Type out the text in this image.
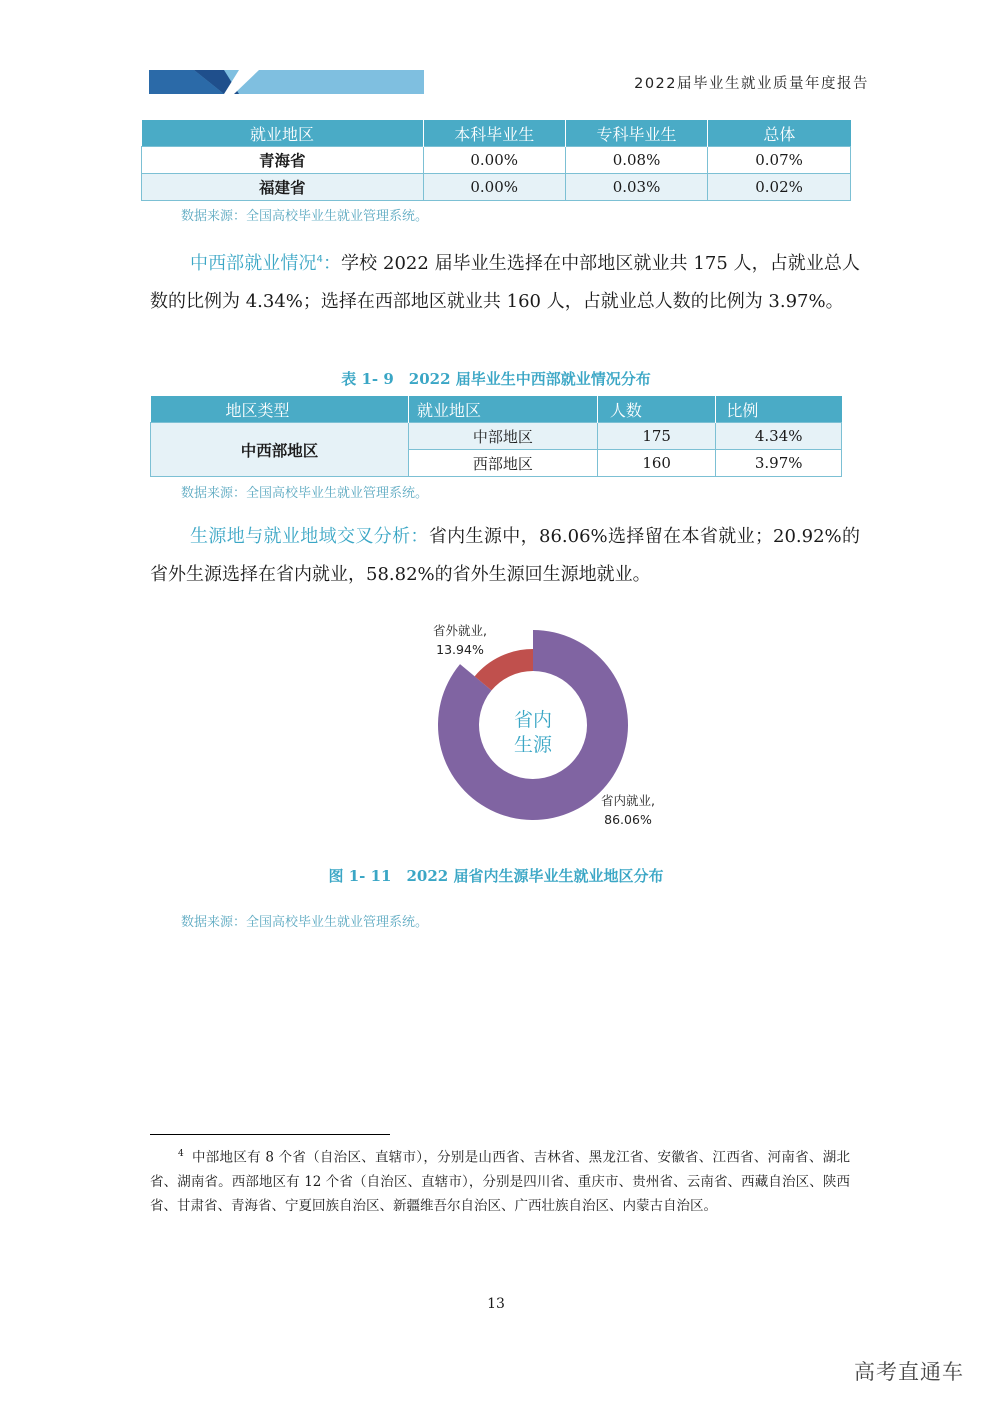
2022届毕业生就业质量年度报告
就业地区	本科毕业生	专科毕业生	总体
青海省	0.00%	0.08%	0.07%
福建省	0.00%	0.03%	0.02%
数据来源：全国高校毕业生就业管理系统。
中西部就业情况$^4$：学校 2022 届毕业生选择在中部地区就业共 175 人，占就业总人数的比例为 4.34%；选择在西部地区就业共 160 人，占就业总人数的比例为 3.97%。
表 1- 9　2022 届毕业生中西部就业情况分布
地区类型	就业地区	人数	比例
中西部地区	中部地区	175	4.34%
	西部地区	160	3.97%
数据来源：全国高校毕业生就业管理系统。
生源地与就业地域交叉分析：省内生源中，86.06%选择留在本省就业；20.92%的省外生源选择在省内就业，58.82%的省外生源回生源地就业。
省内
生源
省外就业,
13.94%
省内就业,
86.06%
图 1- 11　2022 届省内生源毕业生就业地区分布
数据来源：全国高校毕业生就业管理系统。
$^4$ 中部地区有 8 个省（自治区、直辖市），分别是山西省、吉林省、黑龙江省、安徽省、江西省、河南省、湖北省、湖南省。西部地区有 12 个省（自治区、直辖市），分别是四川省、重庆市、贵州省、云南省、西藏自治区、陕西省、甘肃省、青海省、宁夏回族自治区、新疆维吾尔自治区、广西壮族自治区、内蒙古自治区。
13
高考直通车
